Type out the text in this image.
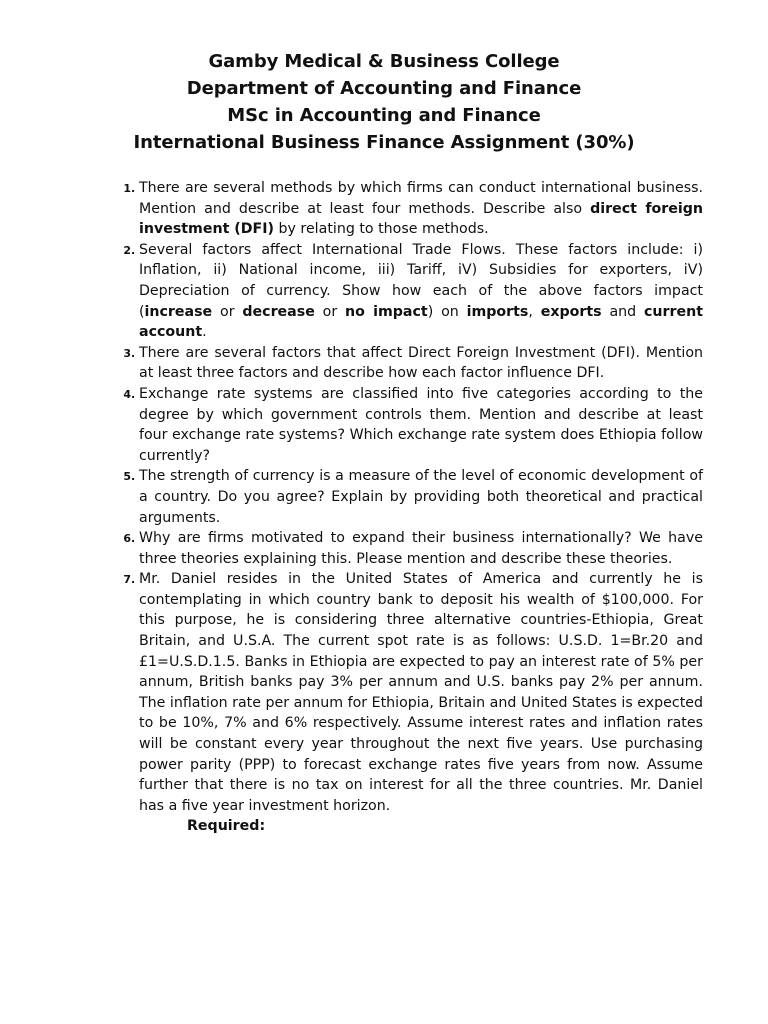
Gamby Medical & Business College
Department of Accounting and Finance
MSc in Accounting and Finance
International Business Finance Assignment (30%)
1. There are several methods by which firms can conduct international business. Mention and describe at least four methods. Describe also direct foreign investment (DFI) by relating to those methods.
2. Several factors affect International Trade Flows. These factors include: i) Inflation, ii) National income, iii) Tariff, iV) Subsidies for exporters, iV) Depreciation of currency. Show how each of the above factors impact (increase or decrease or no impact) on imports, exports and current account.
3. There are several factors that affect Direct Foreign Investment (DFI). Mention at least three factors and describe how each factor influence DFI.
4. Exchange rate systems are classified into five categories according to the degree by which government controls them. Mention and describe at least four exchange rate systems? Which exchange rate system does Ethiopia follow currently?
5. The strength of currency is a measure of the level of economic development of a country. Do you agree? Explain by providing both theoretical and practical arguments.
6. Why are firms motivated to expand their business internationally? We have three theories explaining this. Please mention and describe these theories.
7. Mr. Daniel resides in the United States of America and currently he is contemplating in which country bank to deposit his wealth of $100,000. For this purpose, he is considering three alternative countries-Ethiopia, Great Britain, and U.S.A. The current spot rate is as follows: U.S.D. 1=Br.20 and £1=U.S.D.1.5. Banks in Ethiopia are expected to pay an interest rate of 5% per annum, British banks pay 3% per annum and U.S. banks pay 2% per annum. The inflation rate per annum for Ethiopia, Britain and United States is expected to be 10%, 7% and 6% respectively. Assume interest rates and inflation rates will be constant every year throughout the next five years. Use purchasing power parity (PPP) to forecast exchange rates five years from now. Assume further that there is no tax on interest for all the three countries. Mr. Daniel has a five year investment horizon.
Required:
